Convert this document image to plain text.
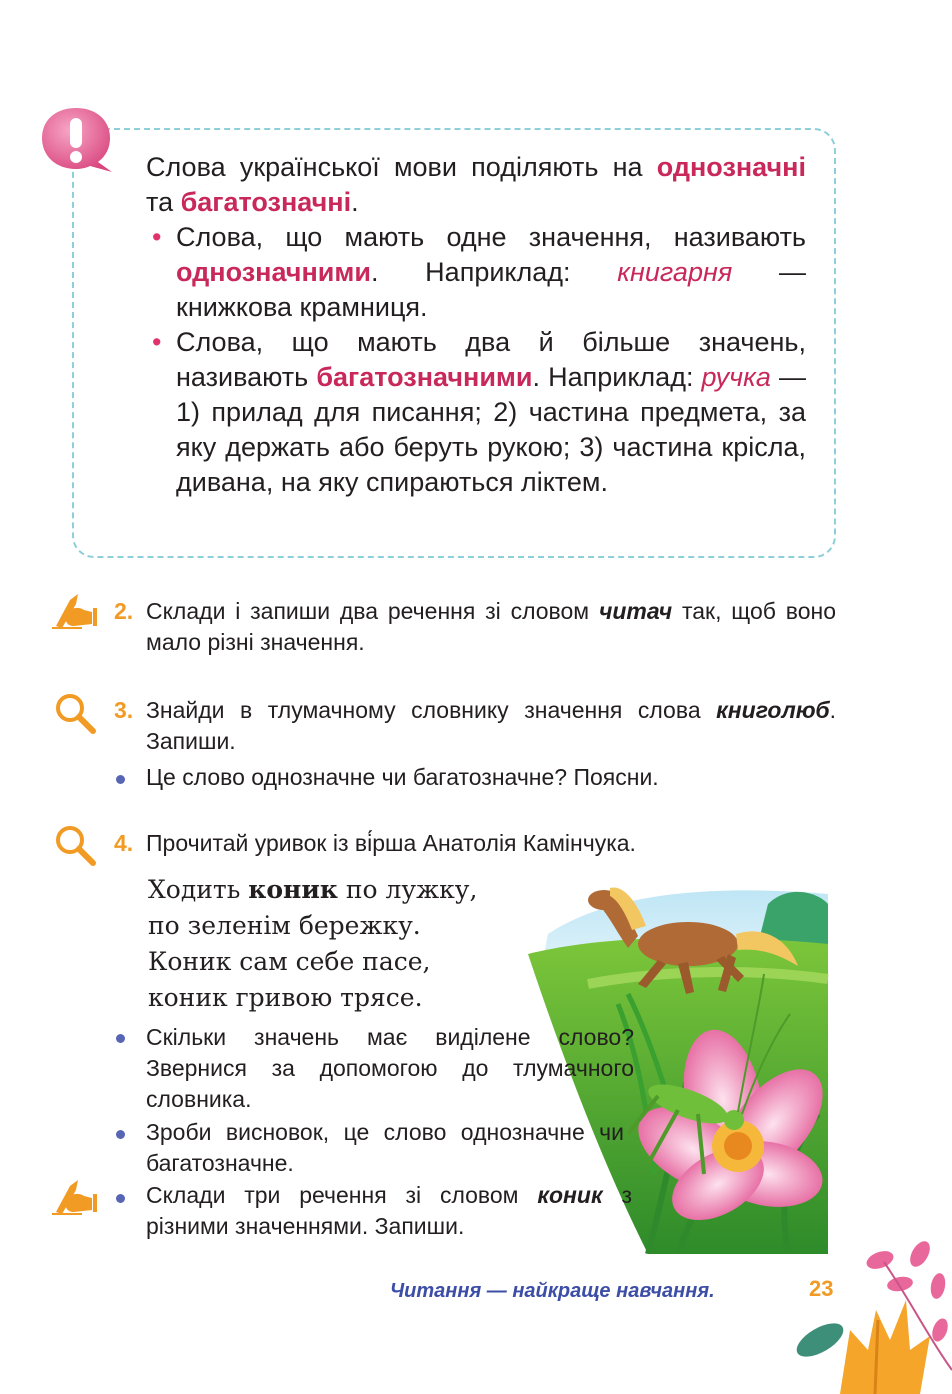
Слова української мови поділяють на однозначні та багатозначні.

• Слова, що мають одне значення, називають однозначними. Наприклад: книгарня — книжкова крамниця.

• Слова, що мають два й більше значень, називають багатозначними. Наприклад: ручка — 1) прилад для писання; 2) частина предмета, за яку держать або беруть рукою; 3) частина крісла, дивана, на яку спираються ліктем.

2. Склади і запиши два речення зі словом читач так, щоб воно мало різні значення.
3. Знайди в тлумачному словнику значення слова книголюб. Запиши.
Це слово однозначне чи багатозначне? Поясни.
4. Прочитай уривок із ві́рша Анатолія Камінчука.
Ходить коник по лужку,
по зеленім бережку.
Коник сам себе пасе,
коник гривою трясе.
Скільки значень має виділене слово? Звернися за допомогою до тлумачного словника.
Зроби висновок, це слово однозначне чи багатозначне.
Склади три речення зі словом коник з різними значеннями. Запиши.
Читання — найкраще навчання.	23
